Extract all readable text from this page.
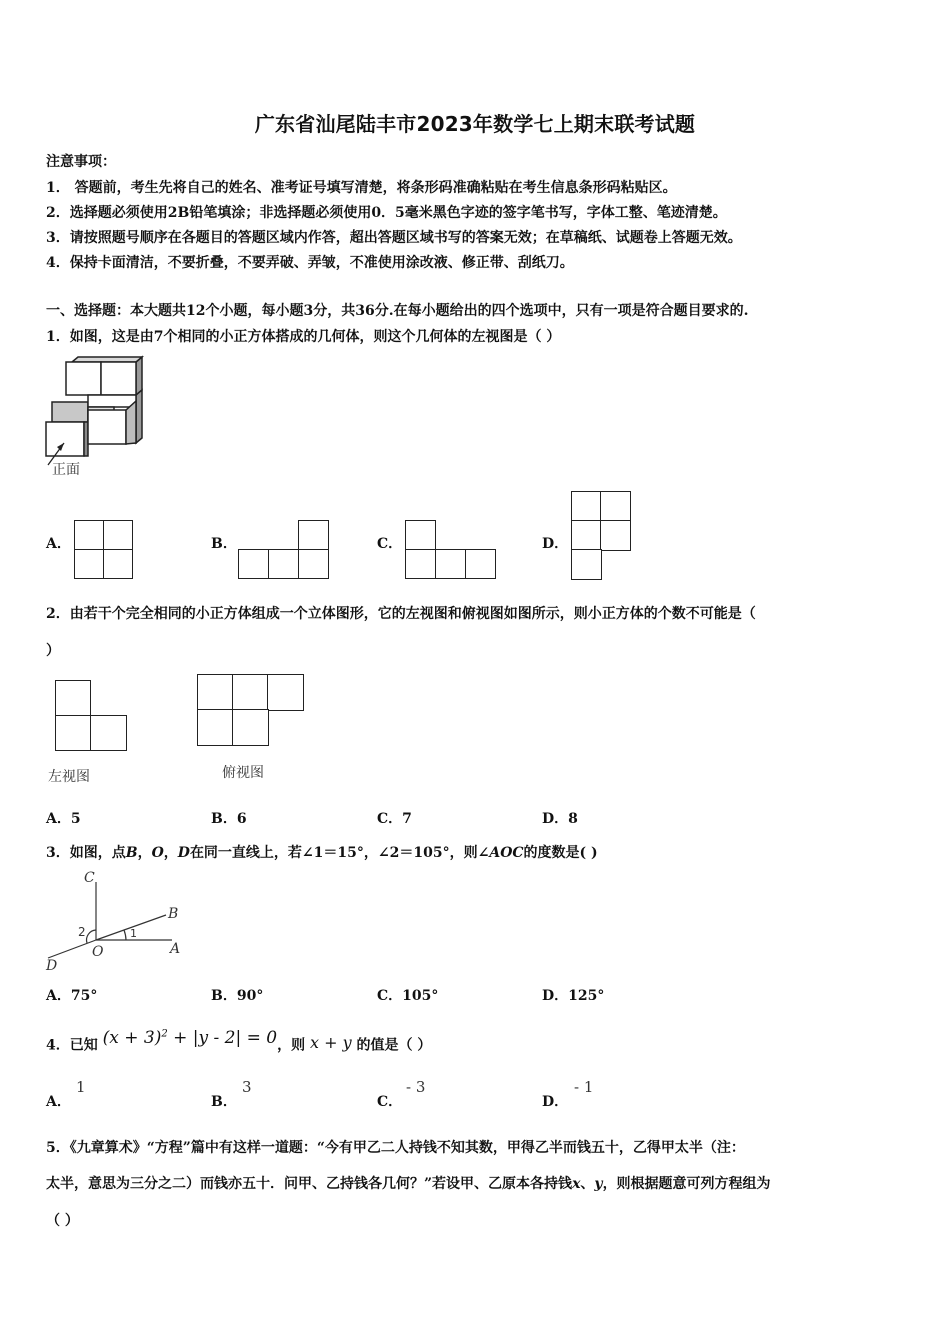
广东省汕尾陆丰市2023年数学七上期末联考试题
注意事项：
1． 答题前，考生先将自己的姓名、准考证号填写清楚，将条形码准确粘贴在考生信息条形码粘贴区。
2．选择题必须使用2B铅笔填涂；非选择题必须使用0．5毫米黑色字迹的签字笔书写，字体工整、笔迹清楚。
3．请按照题号顺序在各题目的答题区域内作答，超出答题区域书写的答案无效；在草稿纸、试题卷上答题无效。
4．保持卡面清洁，不要折叠，不要弄破、弄皱，不准使用涂改液、修正带、刮纸刀。
一、选择题：本大题共12个小题，每小题3分，共36分.在每小题给出的四个选项中，只有一项是符合题目要求的.
1．如图，这是由7个相同的小正方体搭成的几何体，则这个几何体的左视图是（ ）
正面
A．	B．	C．	D．
2．由若干个完全相同的小正方体组成一个立体图形，它的左视图和俯视图如图所示，则小正方体的个数不可能是（
）
左视图	俯视图
A．5	B．6	C．7	D．8
3．如图，点B，O，D在同一直线上，若∠1＝15°，∠2＝105°，则∠AOC的度数是( )
C
B
A
D
O
1
2
A．75°	B．90°	C．105°	D．125°
4．已知 $(x + 3)^2 + |y - 2| = 0$，则 x + y 的值是（ ）
A．
1
B．
3
C．
- 3
D．
- 1
5．《九章算术》“方程”篇中有这样一道题：“今有甲乙二人持钱不知其数，甲得乙半而钱五十，乙得甲太半（注：
太半，意思为三分之二）而钱亦五十．问甲、乙持钱各几何？”若设甲、乙原本各持钱x、y，则根据题意可列方程组为
（ ）
